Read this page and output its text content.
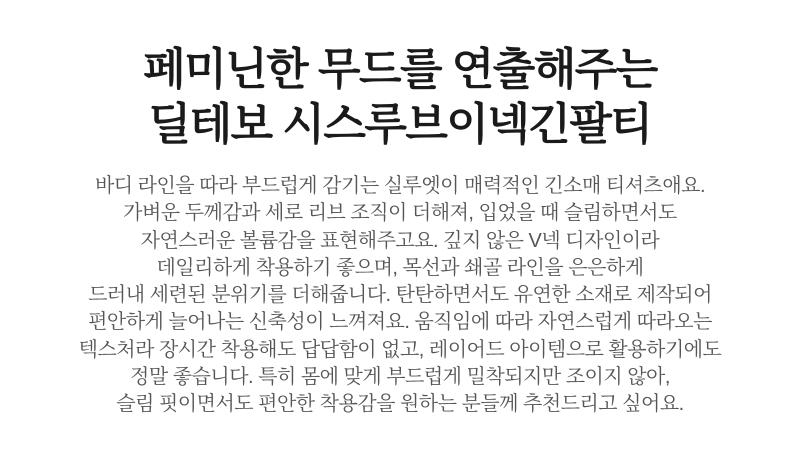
페미닌한 무드를 연출해주는
딜테보 시스루브이넥긴팔티
바디 라인을 따라 부드럽게 감기는 실루엣이 매력적인 긴소매 티셔츠애요.
가벼운 두께감과 세로 리브 조직이 더해져, 입었을 때 슬림하면서도
자연스러운 볼륨감을 표현해주고요. 깊지 않은 V넥 디자인이라
데일리하게 착용하기 좋으며, 목선과 쇄골 라인을 은은하게
드러내 세련된 분위기를 더해줍니다. 탄탄하면서도 유연한 소재로 제작되어
편안하게 늘어나는 신축성이 느껴져요. 움직임에 따라 자연스럽게 따라오는
텍스처라 장시간 착용해도 답답함이 없고, 레이어드 아이템으로 활용하기에도
정말 좋습니다. 특히 몸에 맞게 부드럽게 밀착되지만 조이지 않아,
슬림 핏이면서도 편안한 착용감을 원하는 분들께 추천드리고 싶어요.
